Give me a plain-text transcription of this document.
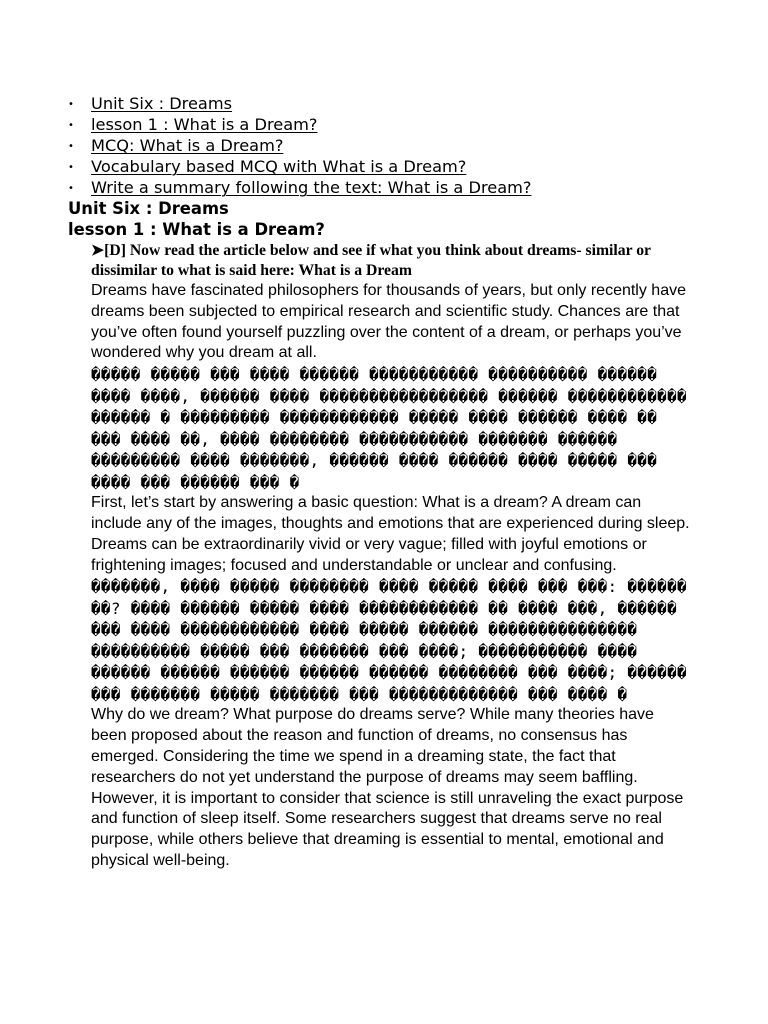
• Unit Six : Dreams
• lesson 1 : What is a Dream?
• MCQ: What is a Dream?
• Vocabulary based MCQ with What is a Dream?
• Write a summary following the text: What is a Dream?
Unit Six : Dreams
lesson 1 : What is a Dream?

➤[D] Now read the article below and see if what you think about dreams- similar or dissimilar to what is said here: What is a Dream

Dreams have fascinated philosophers for thousands of years, but only recently have dreams been subjected to empirical research and scientific study. Chances are that you’ve often found yourself puzzling over the content of a dream, or perhaps you’ve wondered why you dream at all.

����� ����� ��� ���� ������ ����������� ���������� ������ ���� ����, ������ ���� ����������������� ������ ������������ ������ � ��������� ������������ ����� ���� ������ ���� �� ��� ���� ��, ���� �������� ����������� ������� ������ ��������� ���� �������, ������ ���� ������ ���� ����� ��� ���� ��� ������ ��� �

First, let’s start by answering a basic question: What is a dream? A dream can include any of the images, thoughts and emotions that are experienced during sleep. Dreams can be extraordinarily vivid or very vague; filled with joyful emotions or frightening images; focused and understandable or unclear and confusing.

�������, ���� ����� �������� ���� ����� ���� ��� ���: ������ ��? ���� ������ ����� ���� ������������ �� ���� ���, ������ ��� ���� ������������ ���� ����� ������ ��������������� ���������� ����� ��� ������� ��� ����; ����������� ���� ������ ������ ������ ������ ������ �������� ��� ����; ������ ��� ������� ����� ������� ��� ������������� ��� ���� �

Why do we dream? What purpose do dreams serve? While many theories have been proposed about the reason and function of dreams, no consensus has emerged. Considering the time we spend in a dreaming state, the fact that researchers do not yet understand the purpose of dreams may seem baffling. However, it is important to consider that science is still unraveling the exact purpose and function of sleep itself. Some researchers suggest that dreams serve no real purpose, while others believe that dreaming is essential to mental, emotional and physical well-being.
